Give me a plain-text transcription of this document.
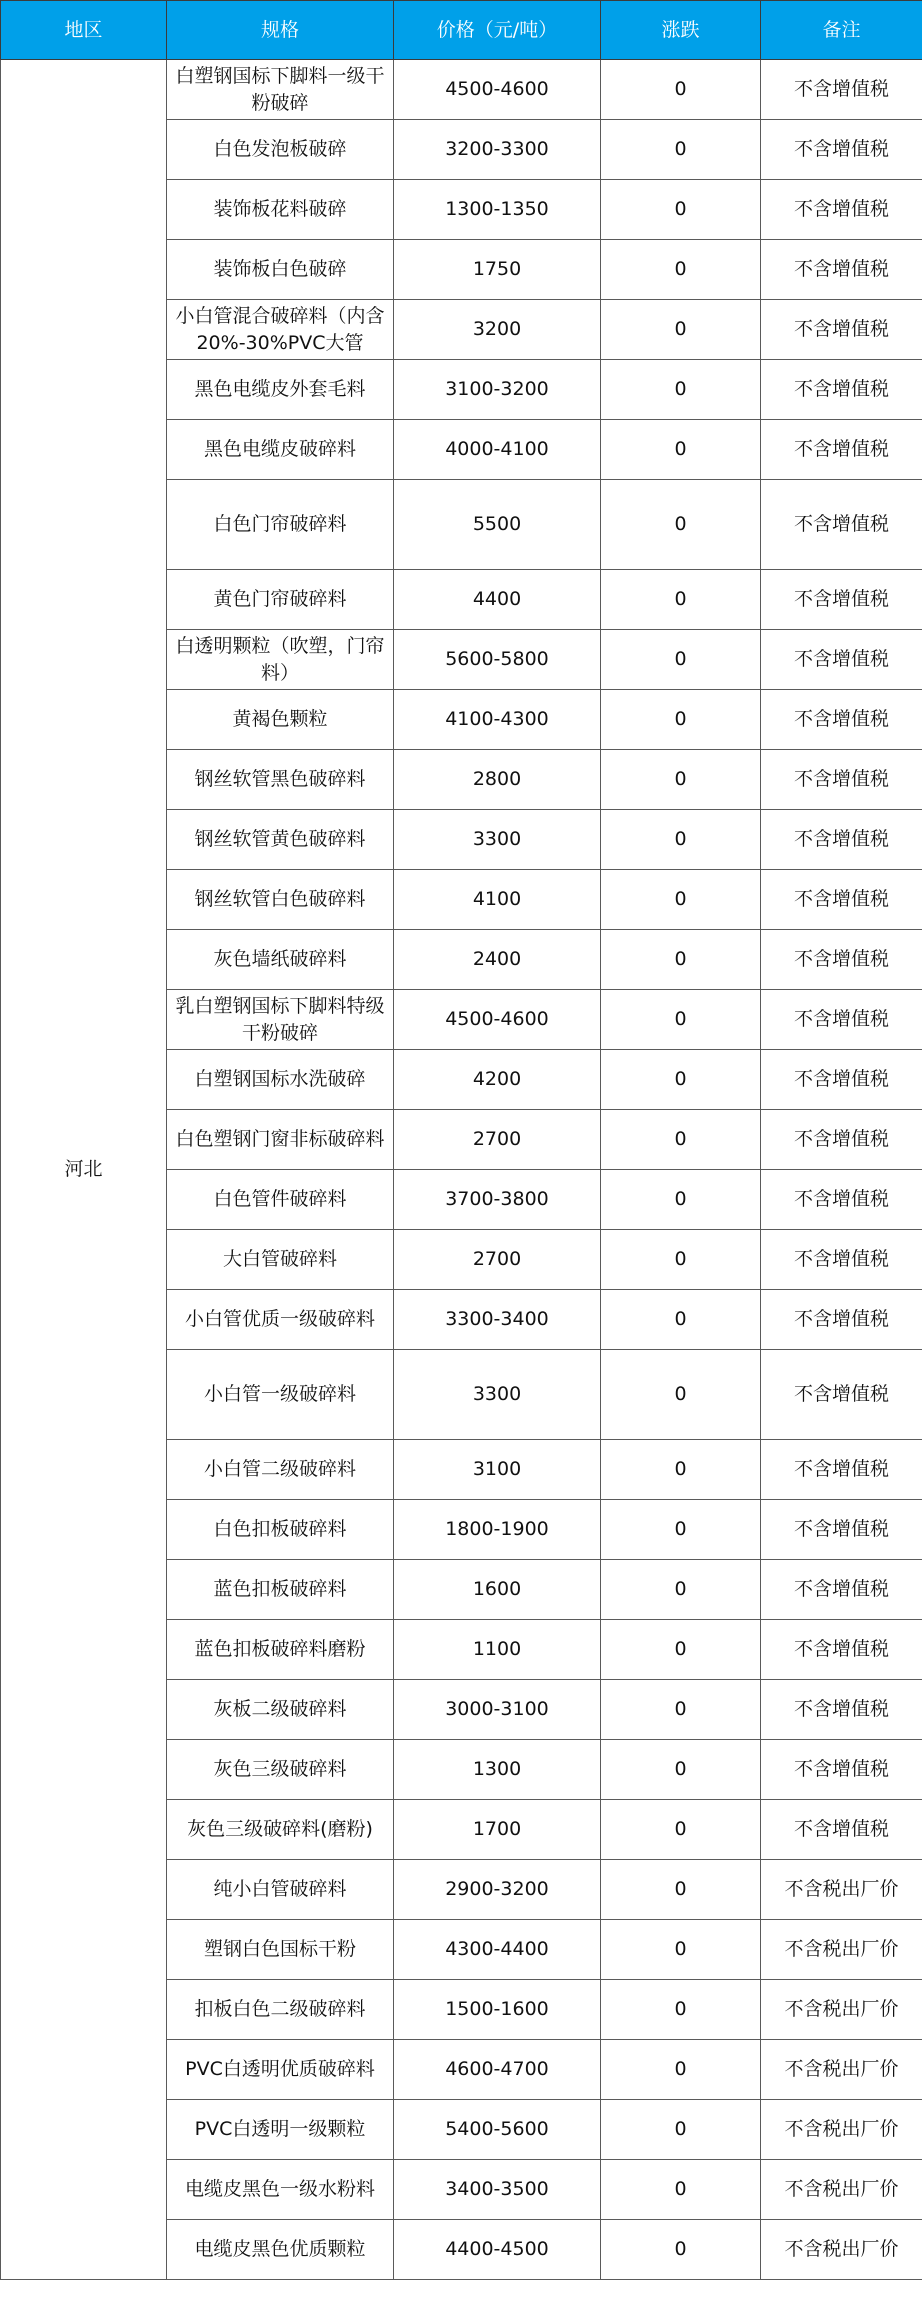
地区	规格	价格（元/吨）	涨跌	备注
河北	白塑钢国标下脚料一级干粉破碎	4500-4600	0	不含增值税

	白色发泡板破碎	3200-3300	0	不含增值税

	装饰板花料破碎	1300-1350	0	不含增值税

	装饰板白色破碎	1750	0	不含增值税

	小白管混合破碎料（内含20%-30%PVC大管	3200	0	不含增值税

	黑色电缆皮外套毛料	3100-3200	0	不含增值税

	黑色电缆皮破碎料	4000-4100	0	不含增值税

	白色门帘破碎料	5500	0	不含增值税

	黄色门帘破碎料	4400	0	不含增值税

	白透明颗粒（吹塑，门帘料）	5600-5800	0	不含增值税

	黄褐色颗粒	4100-4300	0	不含增值税

	钢丝软管黑色破碎料	2800	0	不含增值税

	钢丝软管黄色破碎料	3300	0	不含增值税

	钢丝软管白色破碎料	4100	0	不含增值税

	灰色墙纸破碎料	2400	0	不含增值税

	乳白塑钢国标下脚料特级干粉破碎	4500-4600	0	不含增值税

	白塑钢国标水洗破碎	4200	0	不含增值税

	白色塑钢门窗非标破碎料	2700	0	不含增值税

	白色管件破碎料	3700-3800	0	不含增值税

	大白管破碎料	2700	0	不含增值税

	小白管优质一级破碎料	3300-3400	0	不含增值税

	小白管一级破碎料	3300	0	不含增值税

	小白管二级破碎料	3100	0	不含增值税

	白色扣板破碎料	1800-1900	0	不含增值税

	蓝色扣板破碎料	1600	0	不含增值税

	蓝色扣板破碎料磨粉	1100	0	不含增值税

	灰板二级破碎料	3000-3100	0	不含增值税

	灰色三级破碎料	1300	0	不含增值税

	灰色三级破碎料(磨粉)	1700	0	不含增值税

	纯小白管破碎料	2900-3200	0	不含税出厂价

	塑钢白色国标干粉	4300-4400	0	不含税出厂价

	扣板白色二级破碎料	1500-1600	0	不含税出厂价

	PVC白透明优质破碎料	4600-4700	0	不含税出厂价

	PVC白透明一级颗粒	5400-5600	0	不含税出厂价

	电缆皮黑色一级水粉料	3400-3500	0	不含税出厂价

	电缆皮黑色优质颗粒	4400-4500	0	不含税出厂价
